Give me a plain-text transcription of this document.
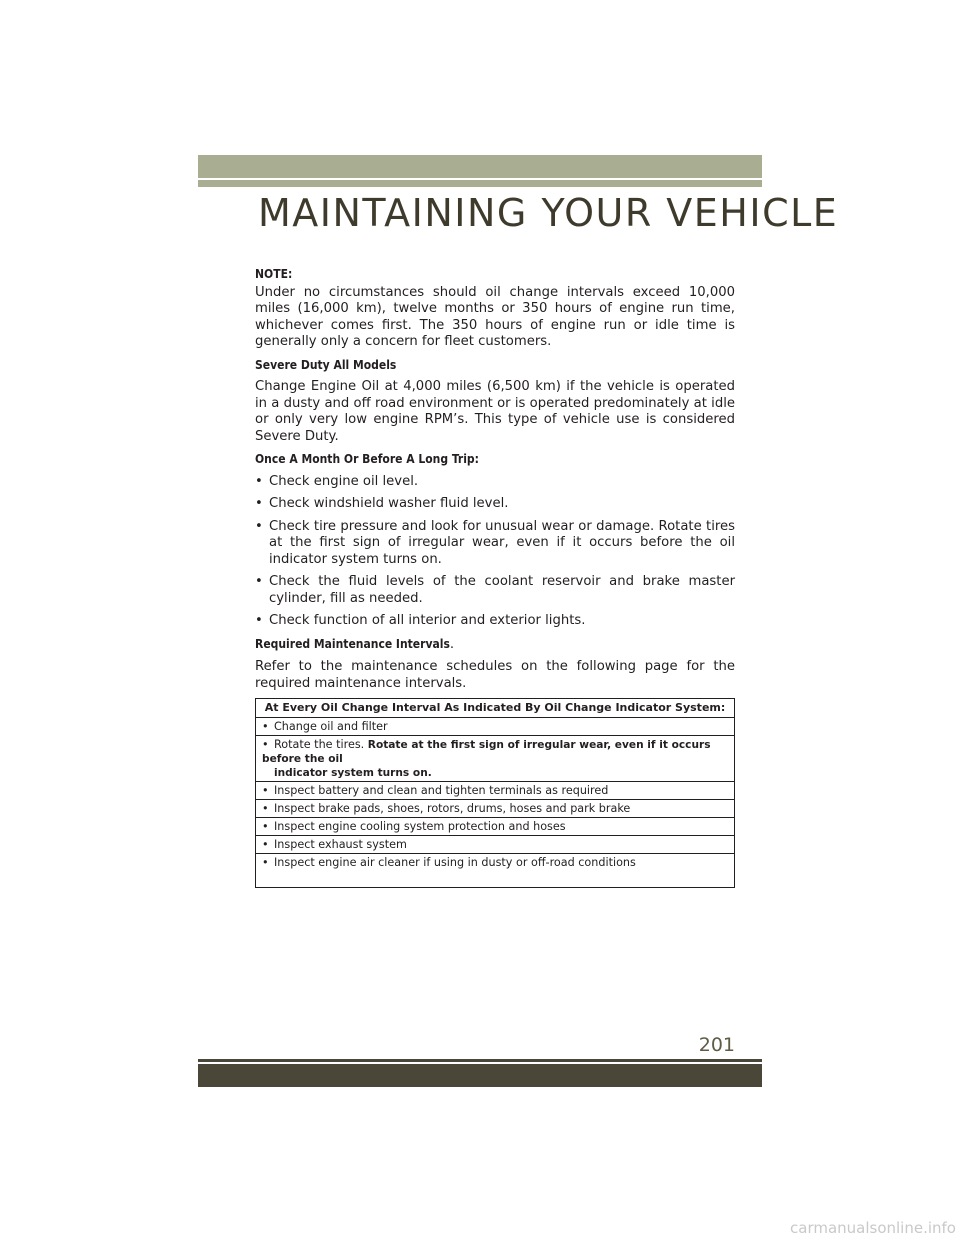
MAINTAINING YOUR VEHICLE

NOTE:

Under no circumstances should oil change intervals exceed 10,000 miles (16,000 km), twelve months or 350 hours of engine run time, whichever comes first. The 350 hours of engine run or idle time is generally only a concern for fleet customers.

Severe Duty All Models

Change Engine Oil at 4,000 miles (6,500 km) if the vehicle is operated in a dusty and off road environment or is operated predominately at idle or only very low engine RPM’s. This type of vehicle use is considered Severe Duty.

Once A Month Or Before A Long Trip:

• Check engine oil level.
• Check windshield washer fluid level.
• Check tire pressure and look for unusual wear or damage. Rotate tires at the first sign of irregular wear, even if it occurs before the oil indicator system turns on.
• Check the fluid levels of the coolant reservoir and brake master cylinder, fill as needed.
• Check function of all interior and exterior lights.

Required Maintenance Intervals.

Refer to the maintenance schedules on the following page for the required maintenance intervals.

At Every Oil Change Interval As Indicated By Oil Change Indicator System:
• Change oil and filter
• Rotate the tires. Rotate at the first sign of irregular wear, even if it occurs before the oil
indicator system turns on.

• Inspect battery and clean and tighten terminals as required
• Inspect brake pads, shoes, rotors, drums, hoses and park brake
• Inspect engine cooling system protection and hoses
• Inspect exhaust system
• Inspect engine air cleaner if using in dusty or off-road conditions
201
carmanualsonline.info
